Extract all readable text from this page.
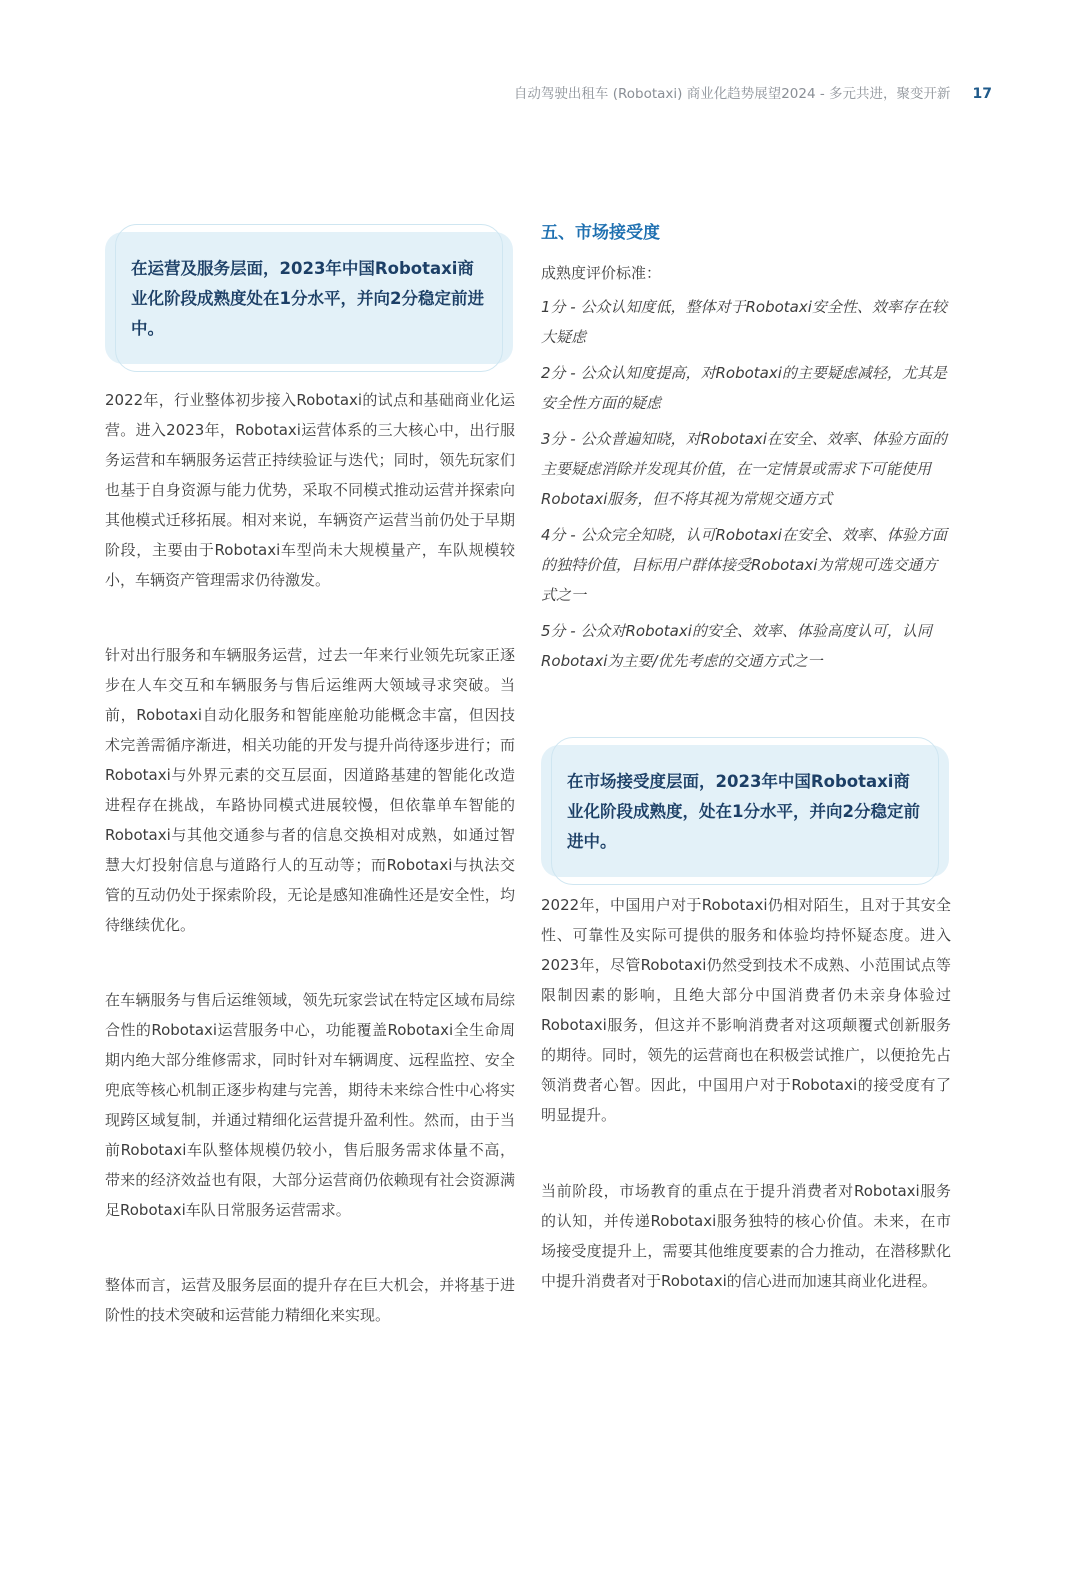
自动驾驶出租车 (Robotaxi) 商业化趋势展望2024 - 多元共进，聚变开新 17
在运营及服务层面，2023年中国Robotaxi商业化阶段成熟度处在1分水平，并向2分稳定前进中。

2022年，行业整体初步接入Robotaxi的试点和基础商业化运营。进入2023年，Robotaxi运营体系的三大核心中，出行服务运营和车辆服务运营正持续验证与迭代；同时，领先玩家们也基于自身资源与能力优势，采取不同模式推动运营并探索向其他模式迁移拓展。相对来说，车辆资产运营当前仍处于早期阶段，主要由于Robotaxi车型尚未大规模量产，车队规模较小，车辆资产管理需求仍待激发。

针对出行服务和车辆服务运营，过去一年来行业领先玩家正逐步在人车交互和车辆服务与售后运维两大领域寻求突破。当前，Robotaxi自动化服务和智能座舱功能概念丰富，但因技术完善需循序渐进，相关功能的开发与提升尚待逐步进行；而Robotaxi与外界元素的交互层面，因道路基建的智能化改造进程存在挑战，车路协同模式进展较慢，但依靠单车智能的Robotaxi与其他交通参与者的信息交换相对成熟，如通过智慧大灯投射信息与道路行人的互动等；而Robotaxi与执法交管的互动仍处于探索阶段，无论是感知准确性还是安全性，均待继续优化。

在车辆服务与售后运维领域，领先玩家尝试在特定区域布局综合性的Robotaxi运营服务中心，功能覆盖Robotaxi全生命周期内绝大部分维修需求，同时针对车辆调度、远程监控、安全兜底等核心机制正逐步构建与完善，期待未来综合性中心将实现跨区域复制，并通过精细化运营提升盈利性。然而，由于当前Robotaxi车队整体规模仍较小，售后服务需求体量不高，带来的经济效益也有限，大部分运营商仍依赖现有社会资源满足Robotaxi车队日常服务运营需求。

整体而言，运营及服务层面的提升存在巨大机会，并将基于进阶性的技术突破和运营能力精细化来实现。

五、市场接受度

成熟度评价标准：

1分 - 公众认知度低，整体对于Robotaxi安全性、效率存在较大疑虑
2分 - 公众认知度提高，对Robotaxi的主要疑虑减轻，尤其是安全性方面的疑虑
3分 - 公众普遍知晓，对Robotaxi在安全、效率、体验方面的主要疑虑消除并发现其价值，在一定情景或需求下可能使用Robotaxi服务，但不将其视为常规交通方式
4分 - 公众完全知晓，认可Robotaxi在安全、效率、体验方面的独特价值，目标用户群体接受Robotaxi为常规可选交通方式之一
5分 - 公众对Robotaxi的安全、效率、体验高度认可，认同Robotaxi为主要/优先考虑的交通方式之一
在市场接受度层面，2023年中国Robotaxi商业化阶段成熟度，处在1分水平，并向2分稳定前进中。

2022年，中国用户对于Robotaxi仍相对陌生，且对于其安全性、可靠性及实际可提供的服务和体验均持怀疑态度。进入2023年，尽管Robotaxi仍然受到技术不成熟、小范围试点等限制因素的影响，且绝大部分中国消费者仍未亲身体验过Robotaxi服务，但这并不影响消费者对这项颠覆式创新服务的期待。同时，领先的运营商也在积极尝试推广，以便抢先占领消费者心智。因此，中国用户对于Robotaxi的接受度有了明显提升。

当前阶段，市场教育的重点在于提升消费者对Robotaxi服务的认知，并传递Robotaxi服务独特的核心价值。未来，在市场接受度提升上，需要其他维度要素的合力推动，在潜移默化中提升消费者对于Robotaxi的信心进而加速其商业化进程。
